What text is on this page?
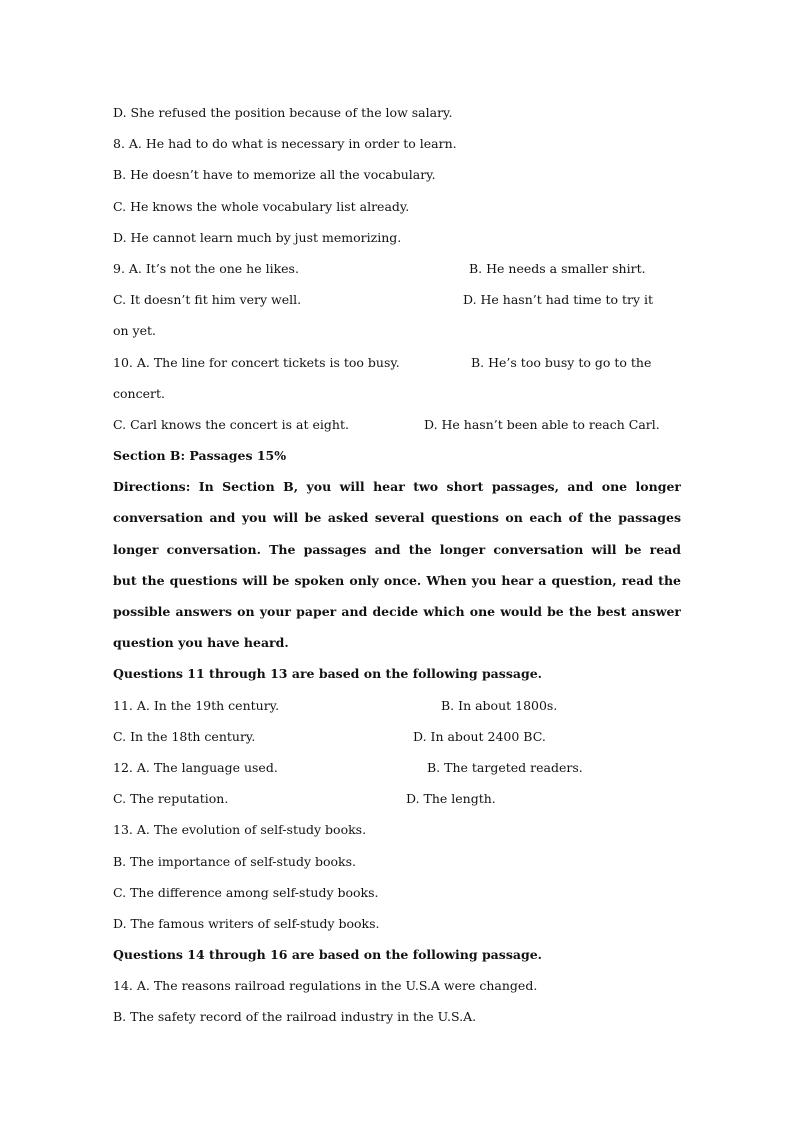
D. She refused the position because of the low salary.
8. A. He had to do what is necessary in order to learn.
B. He doesn’t have to memorize all the vocabulary.
C. He knows the whole vocabulary list already.
D. He cannot learn much by just memorizing.
9. A. It’s not the one he likes.	B. He needs a smaller shirt.
C. It doesn’t fit him very well.	D. He hasn’t had time to try it
on yet.
10. A. The line for concert tickets is too busy.	B. He’s too busy to go to the
concert.
C. Carl knows the concert is at eight.	D. He hasn’t been able to reach Carl.
Section B: Passages 15%
Directions: In Section B, you will hear two short passages, and one longer
conversation and you will be asked several questions on each of the passages
longer conversation. The passages and the longer conversation will be read
but the questions will be spoken only once. When you hear a question, read the
possible answers on your paper and decide which one would be the best answer
question you have heard.
Questions 11 through 13 are based on the following passage.
11. A. In the 19th century.	B. In about 1800s.
C. In the 18th century.	D. In about 2400 BC.
12. A. The language used.	B. The targeted readers.
C. The reputation.	D. The length.
13. A. The evolution of self-study books.
B. The importance of self-study books.
C. The difference among self-study books.
D. The famous writers of self-study books.
Questions 14 through 16 are based on the following passage.
14. A. The reasons railroad regulations in the U.S.A were changed.
B. The safety record of the railroad industry in the U.S.A.
